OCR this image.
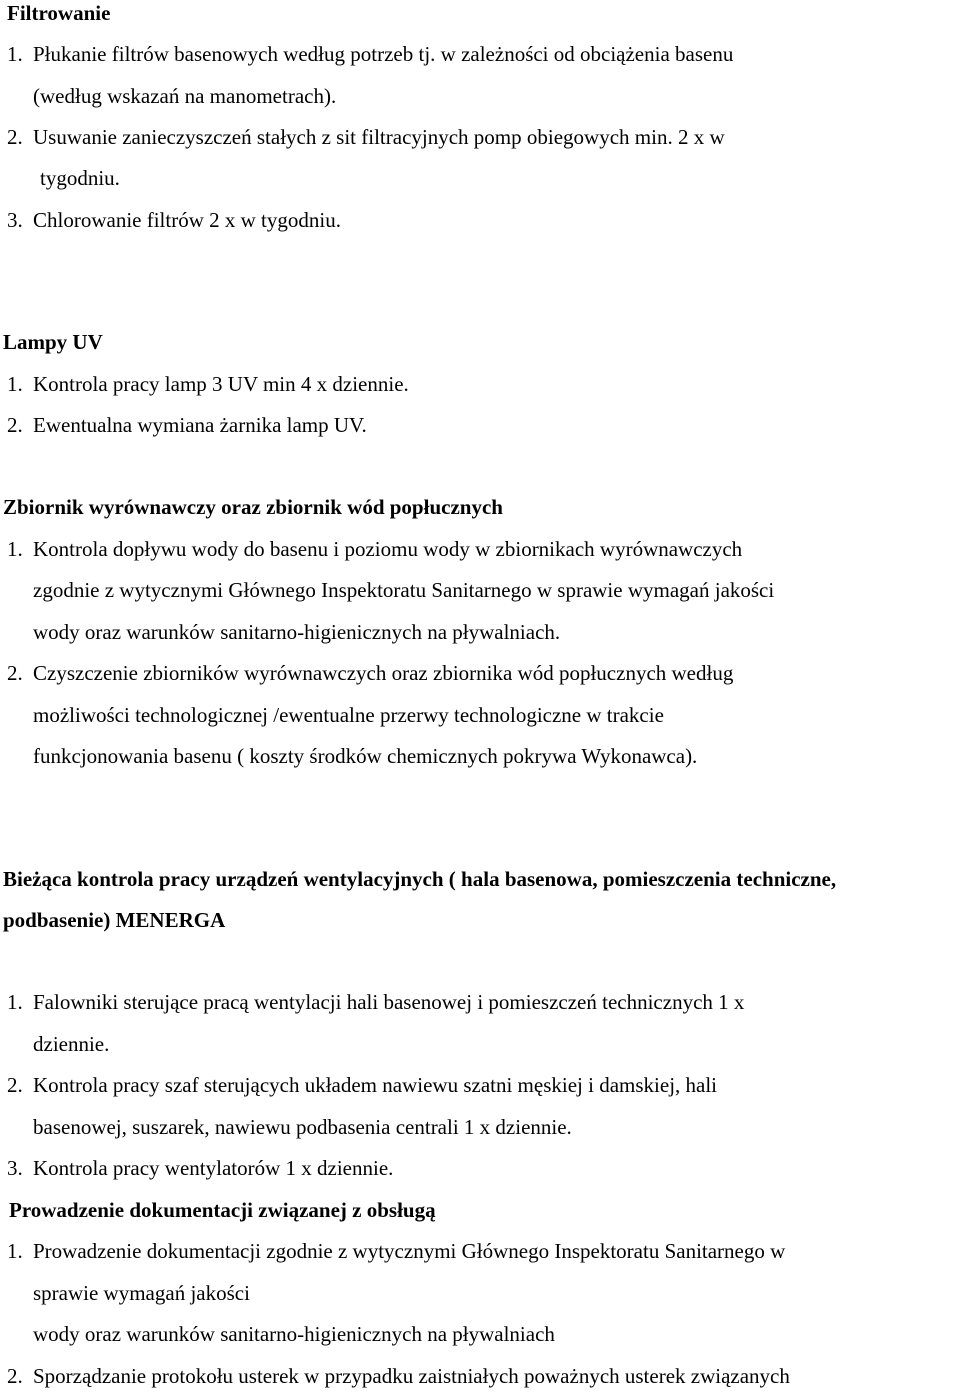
Filtrowanie
1. Płukanie filtrów basenowych według potrzeb tj. w zależności od obciążenia basenu
(według wskazań na manometrach).
2. Usuwanie zanieczyszczeń stałych z sit filtracyjnych pomp obiegowych min. 2 x w
tygodniu.
3. Chlorowanie filtrów 2 x w tygodniu.
Lampy UV
1. Kontrola pracy lamp 3 UV min 4 x dziennie.
2. Ewentualna wymiana żarnika lamp UV.
Zbiornik wyrównawczy oraz zbiornik wód popłucznych
1. Kontrola dopływu wody do basenu i poziomu wody w zbiornikach wyrównawczych
zgodnie z wytycznymi Głównego Inspektoratu Sanitarnego w sprawie wymagań jakości
wody oraz warunków sanitarno-higienicznych na pływalniach.
2. Czyszczenie zbiorników wyrównawczych oraz zbiornika wód popłucznych według
możliwości technologicznej /ewentualne przerwy technologiczne w trakcie
funkcjonowania basenu ( koszty środków chemicznych pokrywa Wykonawca).
Bieżąca kontrola pracy urządzeń wentylacyjnych ( hala basenowa, pomieszczenia techniczne,
podbasenie) MENERGA
1. Falowniki sterujące pracą wentylacji hali basenowej i pomieszczeń technicznych 1 x
dziennie.
2. Kontrola pracy szaf sterujących układem nawiewu szatni męskiej i damskiej, hali
basenowej, suszarek, nawiewu podbasenia centrali 1 x dziennie.
3. Kontrola pracy wentylatorów 1 x dziennie.
Prowadzenie dokumentacji związanej z obsługą
1. Prowadzenie dokumentacji zgodnie z wytycznymi Głównego Inspektoratu Sanitarnego w
sprawie wymagań jakości
wody oraz warunków sanitarno-higienicznych na pływalniach
2. Sporządzanie protokołu usterek w przypadku zaistniałych poważnych usterek związanych
